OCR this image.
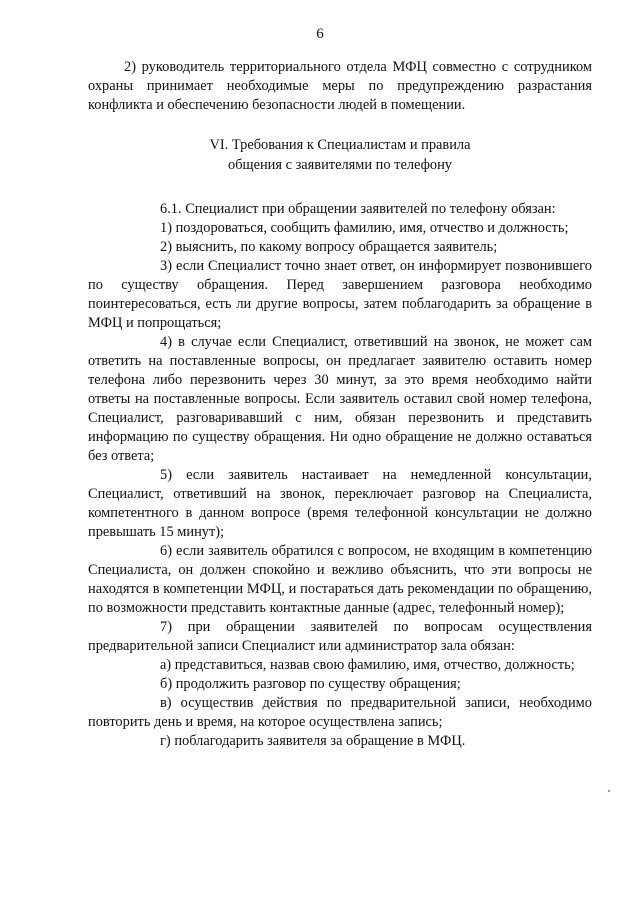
6

2) руководитель территориального отдела МФЦ совместно с сотрудником охраны принимает необходимые меры по предупреждению разрастания конфликта и обеспечению безопасности людей в помещении.

VI. Требования к Специалистам и правила
общения с заявителями по телефону

6.1. Специалист при обращении заявителей по телефону обязан:

1) поздороваться, сообщить фамилию, имя, отчество и должность;

2) выяснить, по какому вопросу обращается заявитель;

3) если Специалист точно знает ответ, он информирует позвонившего по существу обращения. Перед завершением разговора необходимо поинтересоваться, есть ли другие вопросы, затем поблагодарить за обращение в МФЦ и попрощаться;

4) в случае если Специалист, ответивший на звонок, не может сам ответить на поставленные вопросы, он предлагает заявителю оставить номер телефона либо перезвонить через 30 минут, за это время необходимо найти ответы на поставленные вопросы. Если заявитель оставил свой номер телефона, Специалист, разговаривавший с ним, обязан перезвонить и представить информацию по существу обращения. Ни одно обращение не должно оставаться без ответа;

5) если заявитель настаивает на немедленной консультации, Специалист, ответивший на звонок, переключает разговор на Специалиста, компетентного в данном вопросе (время телефонной консультации не должно превышать 15 минут);

6) если заявитель обратился с вопросом, не входящим в компетенцию Специалиста, он должен спокойно и вежливо объяснить, что эти вопросы не находятся в компетенции МФЦ, и постараться дать рекомендации по обращению, по возможности представить контактные данные (адрес, телефонный номер);

7) при обращении заявителей по вопросам осуществления предварительной записи Специалист или администратор зала обязан:

а) представиться, назвав свою фамилию, имя, отчество, должность;

б) продолжить разговор по существу обращения;

в) осуществив действия по предварительной записи, необходимо повторить день и время, на которое осуществлена запись;

г) поблагодарить заявителя за обращение в МФЦ.
